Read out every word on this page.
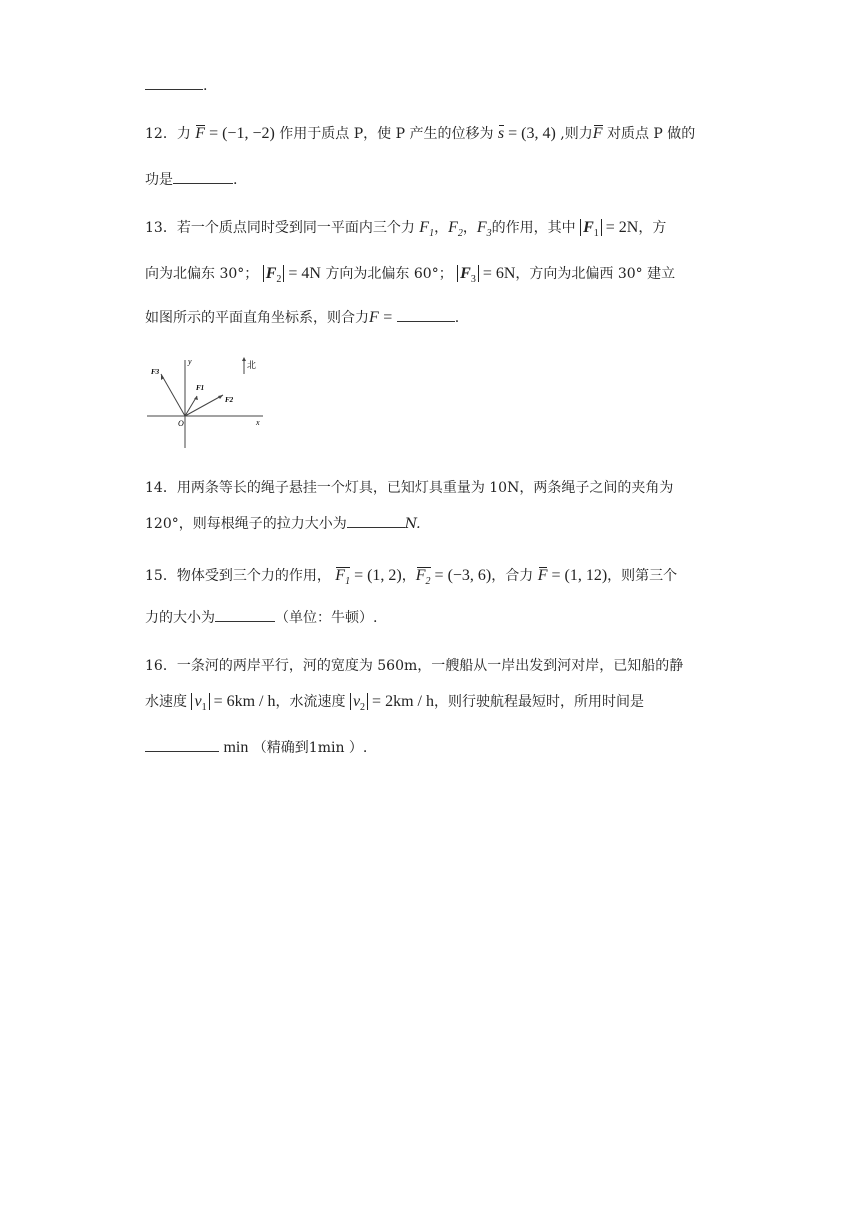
.
12．力 F = (−1, −2) 作用于质点 P，使 P 产生的位移为 s = (3, 4) ,则力F 对质点 P 做的
功是	.
13．若一个质点同时受到同一平面内三个力 $F_1$，$F_2$，$F_3$的作用，其中 $F_1 = 2N$，方
向为北偏东 30°； $F_2 = 4N$ 方向为北偏东 60°； $F_3 = 6N$，方向为北偏西 30° 建立
如图所示的平面直角坐标系，则合力F =	.
y
x
O
北
F1
F2
F3
14．用两条等长的绳子悬挂一个灯具，已知灯具重量为 10N，两条绳子之间的夹角为
120°，则每根绳子的拉力大小为	N.
15．物体受到三个力的作用， $F_1 = (1$, 2)，$F_2 = (-3$, 6)，合力 F = (1, 12)，则第三个
力的大小为	（单位：牛顿）.
16．一条河的两岸平行，河的宽度为 560m，一艘船从一岸出发到河对岸，已知船的静
水速度 $v_1 = 6km / h$，水流速度 $v_2 = 2km / h$，则行驶航程最短时，所用时间是
min （精确到1min ）.
